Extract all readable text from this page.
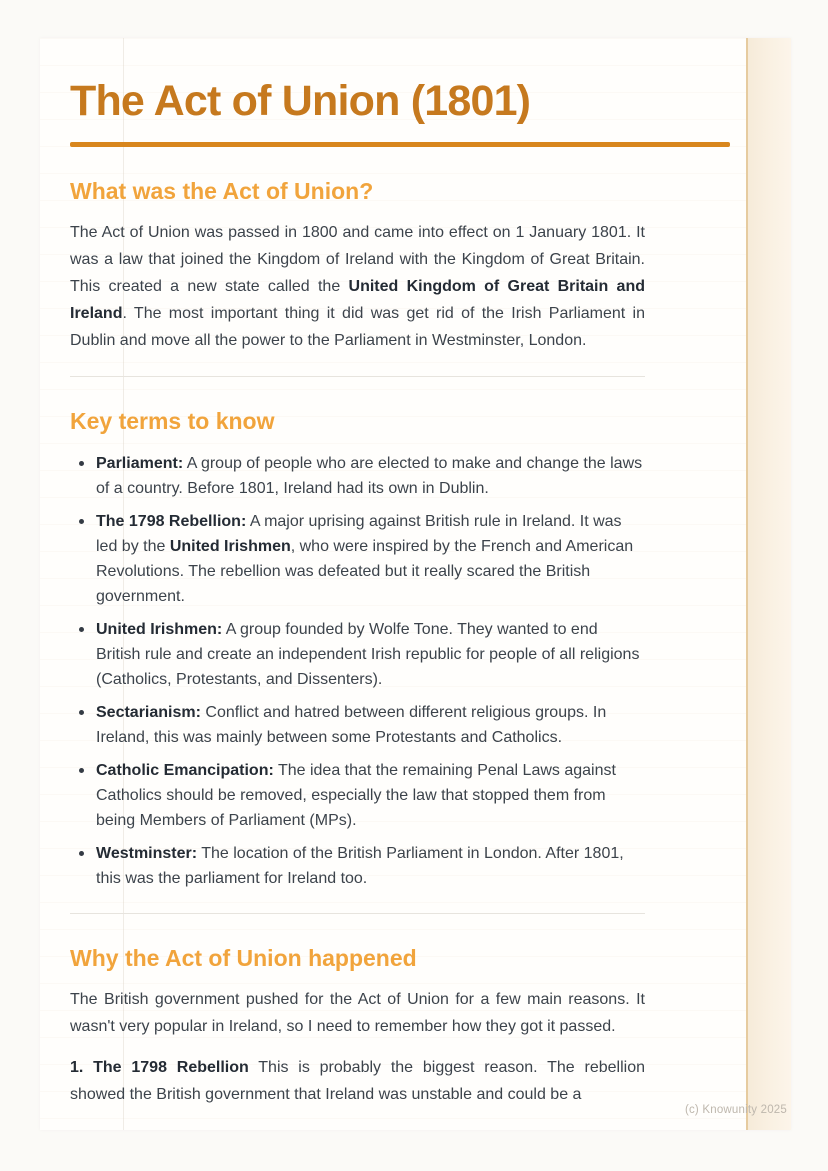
The Act of Union (1801)
What was the Act of Union?

The Act of Union was passed in 1800 and came into effect on 1 January 1801. It was a law that joined the Kingdom of Ireland with the Kingdom of Great Britain. This created a new state called the United Kingdom of Great Britain and Ireland. The most important thing it did was get rid of the Irish Parliament in Dublin and move all the power to the Parliament in Westminster, London.

Key terms to know
Parliament: A group of people who are elected to make and change the laws of a country. Before 1801, Ireland had its own in Dublin.
The 1798 Rebellion: A major uprising against British rule in Ireland. It was led by the United Irishmen, who were inspired by the French and American Revolutions. The rebellion was defeated but it really scared the British government.
United Irishmen: A group founded by Wolfe Tone. They wanted to end British rule and create an independent Irish republic for people of all religions (Catholics, Protestants, and Dissenters).
Sectarianism: Conflict and hatred between different religious groups. In Ireland, this was mainly between some Protestants and Catholics.
Catholic Emancipation: The idea that the remaining Penal Laws against Catholics should be removed, especially the law that stopped them from being Members of Parliament (MPs).
Westminster: The location of the British Parliament in London. After 1801, this was the parliament for Ireland too.
Why the Act of Union happened

The British government pushed for the Act of Union for a few main reasons. It wasn't very popular in Ireland, so I need to remember how they got it passed.

1. The 1798 Rebellion This is probably the biggest reason. The rebellion showed the British government that Ireland was unstable and could be a

(c) Knowunity 2025
